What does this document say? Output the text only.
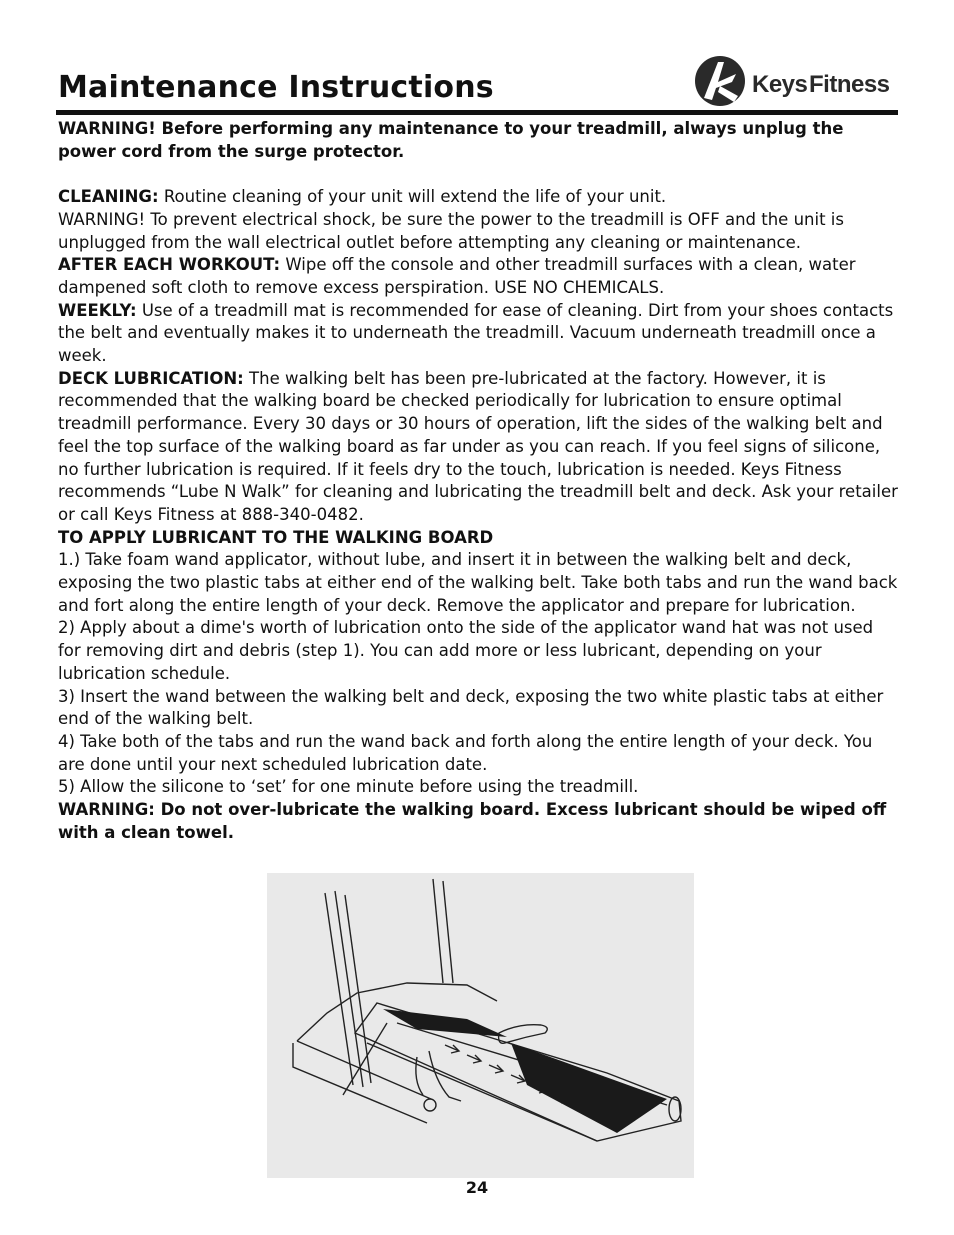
Maintenance Instructions	Keys Fitness

WARNING! Before performing any maintenance to your treadmill, always unplug the power cord from the surge protector.

CLEANING: Routine cleaning of your unit will extend the life of your unit.

WARNING! To prevent electrical shock, be sure the power to the treadmill is OFF and the unit is unplugged from the wall electrical outlet before attempting any cleaning or maintenance.

AFTER EACH WORKOUT: Wipe off the console and other treadmill surfaces with a clean, water dampened soft cloth to remove excess perspiration. USE NO CHEMICALS.

WEEKLY: Use of a treadmill mat is recommended for ease of cleaning. Dirt from your shoes contacts the belt and eventually makes it to underneath the treadmill. Vacuum underneath treadmill once a week.

DECK LUBRICATION: The walking belt has been pre-lubricated at the factory. However, it is recommended that the walking board be checked periodically for lubrication to ensure optimal treadmill performance. Every 30 days or 30 hours of operation, lift the sides of the walking belt and feel the top surface of the walking board as far under as you can reach. If you feel signs of silicone, no further lubrication is required. If it feels dry to the touch, lubrication is needed. Keys Fitness recommends “Lube N Walk” for cleaning and lubricating the treadmill belt and deck. Ask your retailer or call Keys Fitness at 888-340-0482.

TO APPLY LUBRICANT TO THE WALKING BOARD

1.) Take foam wand applicator, without lube, and insert it in between the walking belt and deck, exposing the two plastic tabs at either end of the walking belt. Take both tabs and run the wand back and fort along the entire length of your deck. Remove the applicator and prepare for lubrication.

2) Apply about a dime's worth of lubrication onto the side of the applicator wand hat was not used for removing dirt and debris (step 1). You can add more or less lubricant, depending on your lubrication schedule.

3) Insert the wand between the walking belt and deck, exposing the two white plastic tabs at either end of the walking belt.

4) Take both of the tabs and run the wand back and forth along the entire length of your deck. You are done until your next scheduled lubrication date.

5) Allow the silicone to ‘set’ for one minute before using the treadmill.

WARNING: Do not over-lubricate the walking board. Excess lubricant should be wiped off with a clean towel.

24
